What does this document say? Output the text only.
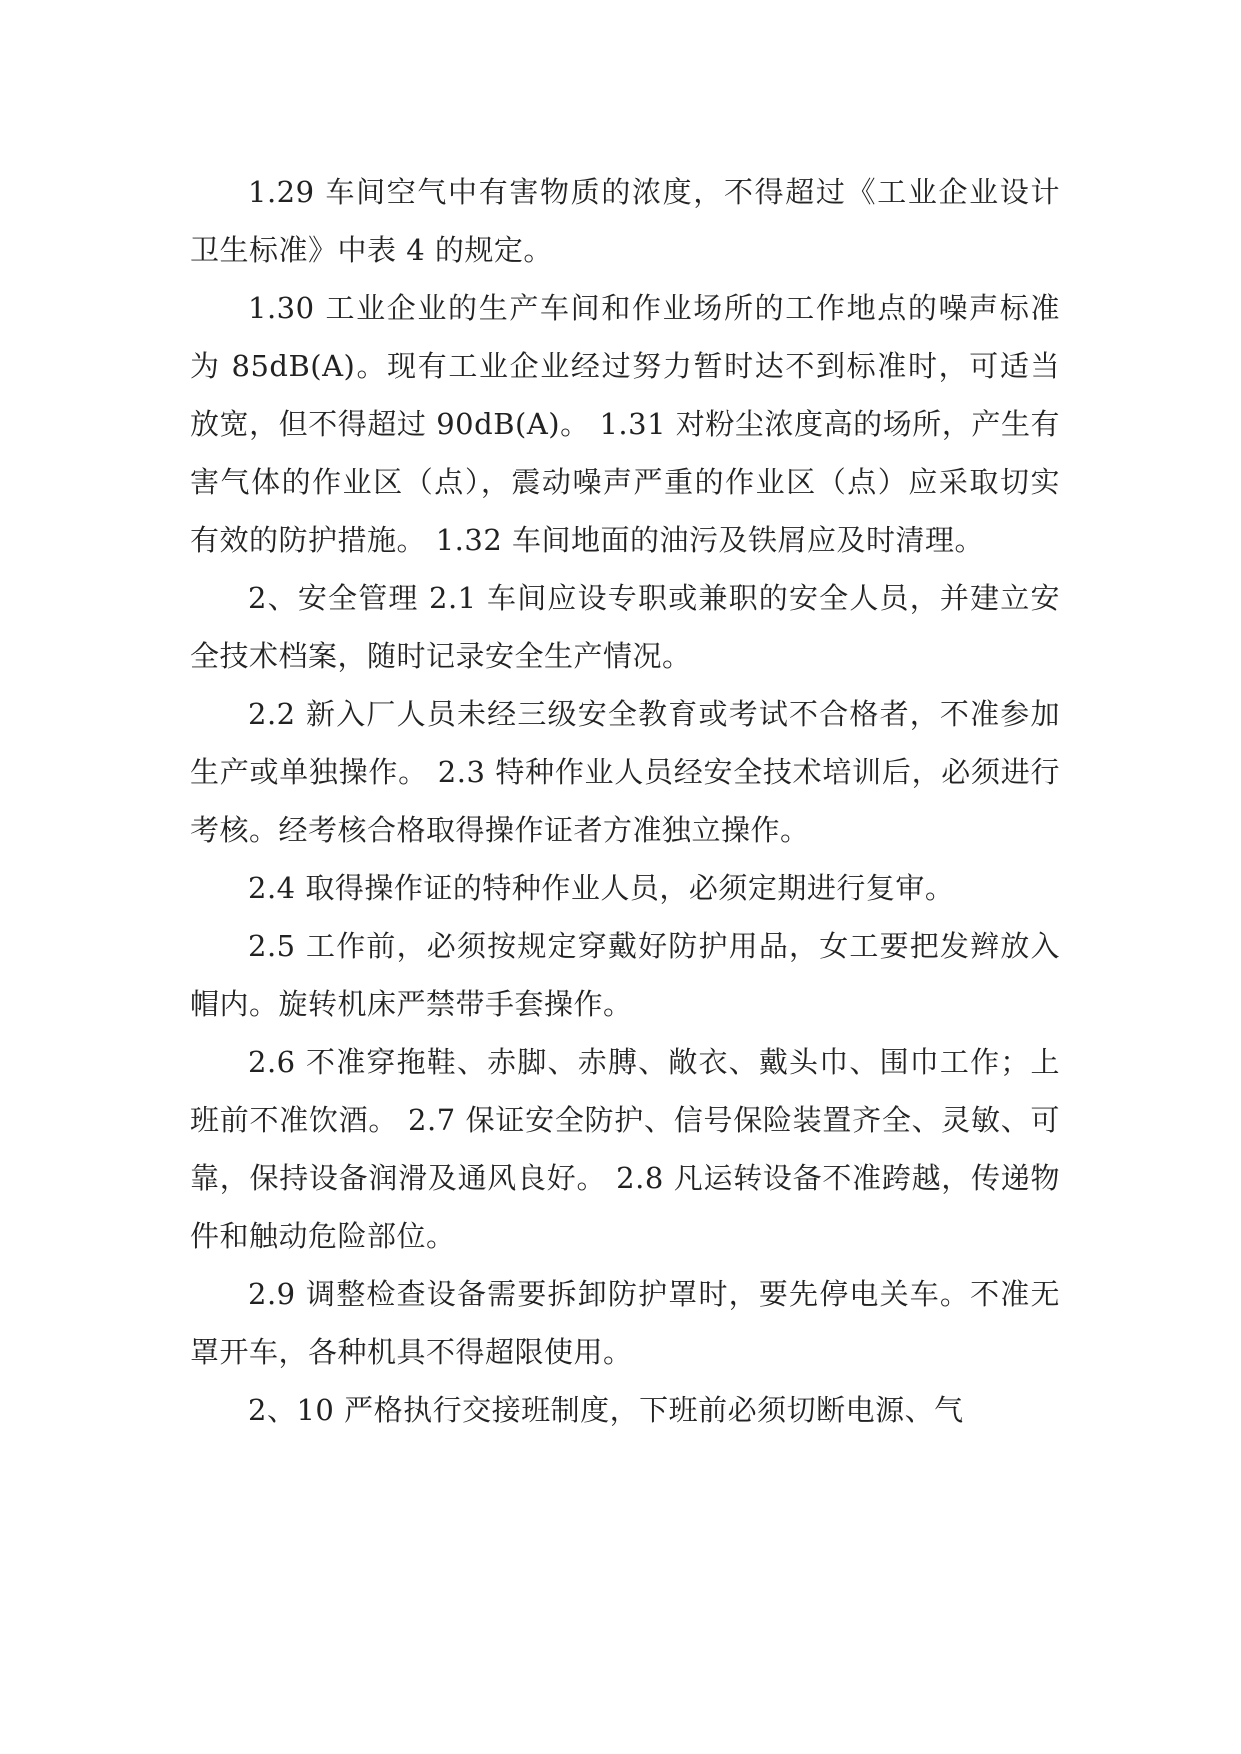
1.29 车间空气中有害物质的浓度，不得超过《工业企业设计卫生标准》中表 4 的规定。

1.30 工业企业的生产车间和作业场所的工作地点的噪声标准为 85dB(A)。现有工业企业经过努力暂时达不到标准时，可适当放宽，但不得超过 90dB(A)。 1.31 对粉尘浓度高的场所，产生有害气体的作业区（点），震动噪声严重的作业区（点）应采取切实有效的防护措施。 1.32 车间地面的油污及铁屑应及时清理。

2、安全管理 2.1 车间应设专职或兼职的安全人员，并建立安全技术档案，随时记录安全生产情况。

2.2 新入厂人员未经三级安全教育或考试不合格者，不准参加生产或单独操作。 2.3 特种作业人员经安全技术培训后，必须进行考核。经考核合格取得操作证者方准独立操作。

2.4 取得操作证的特种作业人员，必须定期进行复审。

2.5 工作前，必须按规定穿戴好防护用品，女工要把发辫放入帽内。旋转机床严禁带手套操作。

2.6 不准穿拖鞋、赤脚、赤膊、敞衣、戴头巾、围巾工作；上班前不准饮酒。 2.7 保证安全防护、信号保险装置齐全、灵敏、可靠，保持设备润滑及通风良好。 2.8 凡运转设备不准跨越，传递物件和触动危险部位。

2.9 调整检查设备需要拆卸防护罩时，要先停电关车。不准无罩开车，各种机具不得超限使用。

2、10 严格执行交接班制度，下班前必须切断电源、气
